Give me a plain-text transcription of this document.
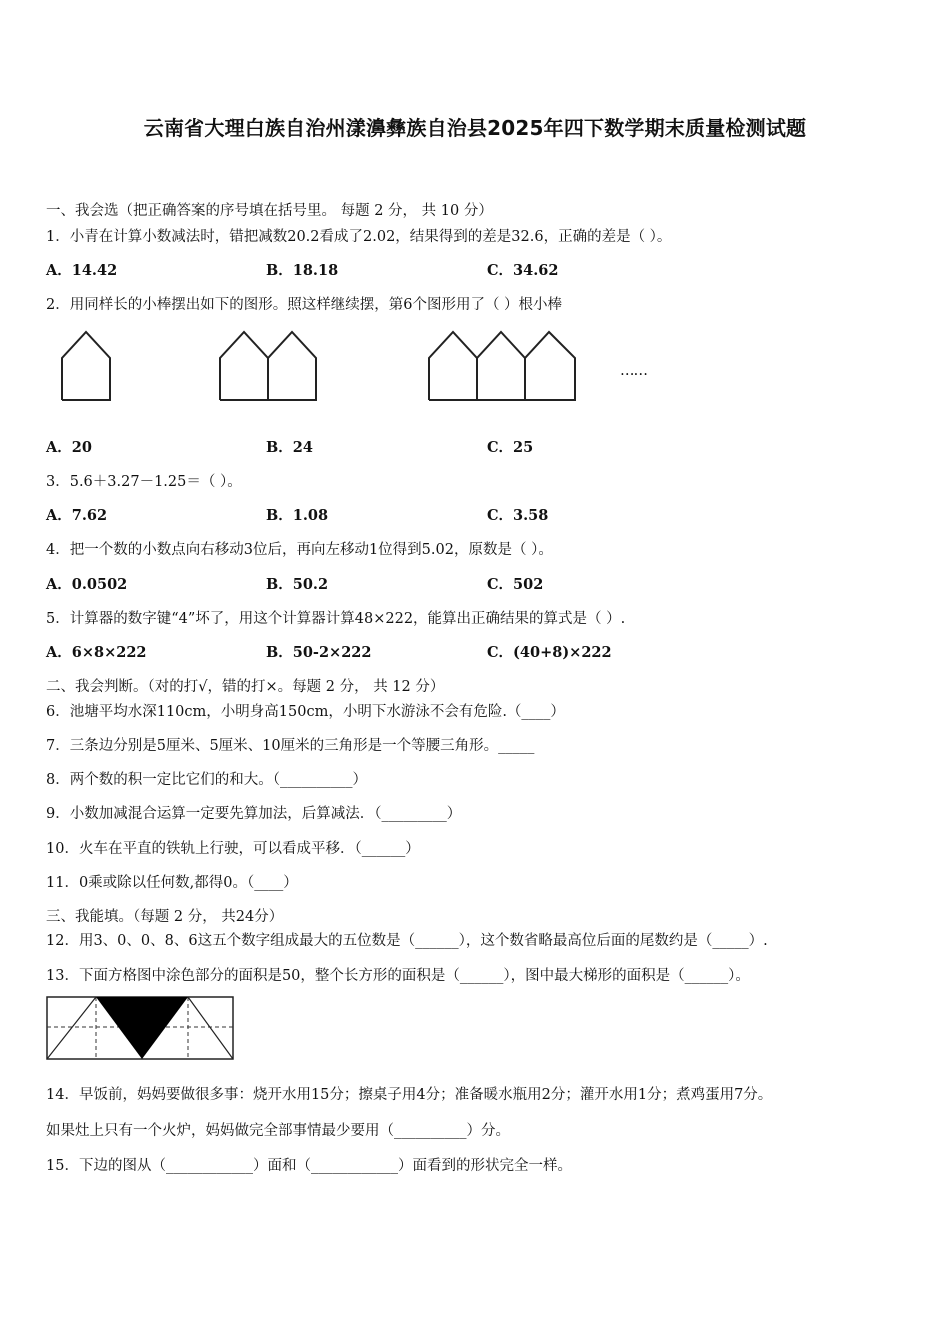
云南省大理白族自治州漾濞彝族自治县2025年四下数学期末质量检测试题
一、我会选（把正确答案的序号填在括号里。 每题 2 分， 共 10 分）
1．小青在计算小数减法时，错把减数20.2看成了2.02，结果得到的差是32.6，正确的差是（ ）。
A．14.42	B．18.18	C．34.62
2．用同样长的小棒摆出如下的图形。照这样继续摆，第6个图形用了（ ）根小棒
……
A．20	B．24	C．25
3．5.6＋3.27－1.25＝（ ）。
A．7.62	B．1.08	C．3.58
4．把一个数的小数点向右移动3位后，再向左移动1位得到5.02，原数是（ ）。
A．0.0502	B．50.2	C．502
5．计算器的数字键“4”坏了，用这个计算器计算48×222，能算出正确结果的算式是（ ）.
A．6×8×222	B．50-2×222	C．(40+8)×222
二、我会判断。（对的打√，错的打×。每题 2 分， 共 12 分）
6．池塘平均水深110cm，小明身高150cm，小明下水游泳不会有危险.（____）
7．三条边分别是5厘米、5厘米、10厘米的三角形是一个等腰三角形。_____
8．两个数的积一定比它们的和大。（__________）
9．小数加减混合运算一定要先算加法，后算减法．（_________）
10．火车在平直的铁轨上行驶，可以看成平移．（______）
11．0乘或除以任何数,都得0。（____）
三、我能填。（每题 2 分， 共24分）
12．用3、0、0、8、6这五个数字组成最大的五位数是（______），这个数省略最高位后面的尾数约是（_____）.
13．下面方格图中涂色部分的面积是50，整个长方形的面积是（______），图中最大梯形的面积是（______）。
14．早饭前，妈妈要做很多事：烧开水用15分；擦桌子用4分；准备暖水瓶用2分；灌开水用1分；煮鸡蛋用7分。
如果灶上只有一个火炉，妈妈做完全部事情最少要用（__________）分。
15．下边的图从（____________）面和（____________）面看到的形状完全一样。
